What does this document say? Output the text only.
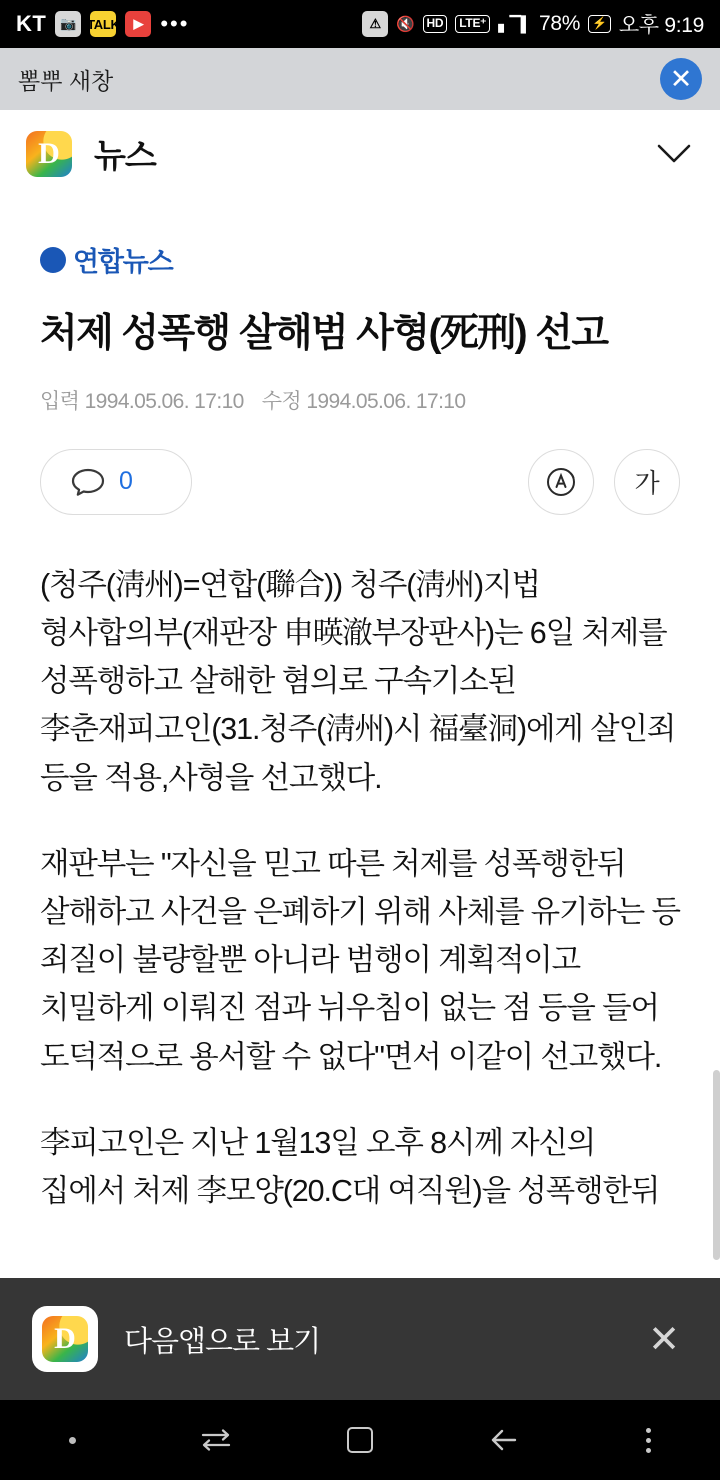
KT	📷 TALK	▶ •••	⚠	🔇	HD	LTE⁺ ▖▔▌ 78%	⚡ 오후 9:19
뽐뿌 새창	✕
D
뉴스
연합뉴스
처제 성폭행 살해범 사형(死刑) 선고
입력 1994.05.06. 17:10 수정 1994.05.06. 17:10
0	가

(청주(淸州)=연합(聯合)) 청주(淸州)지법 형사합의부(재판장 申暎澈부장판사)는 6일 처제를 성폭행하고 살해한 혐의로 구속기소된 李춘재피고인(31.청주(淸州)시 福臺洞)에게 살인죄 등을 적용,사형을 선고했다.

재판부는 "자신을 믿고 따른 처제를 성폭행한뒤 살해하고 사건을 은폐하기 위해 사체를 유기하는 등 죄질이 불량할뿐 아니라 범행이 계획적이고 치밀하게 이뤄진 점과 뉘우침이 없는 점 등을 들어 도덕적으로 용서할 수 없다"면서 이같이 선고했다.

李피고인은 지난 1월13일 오후 8시께 자신의 집에서 처제 李모양(20.C대 여직원)을 성폭행한뒤

D
다음앱으로 보기	✕
